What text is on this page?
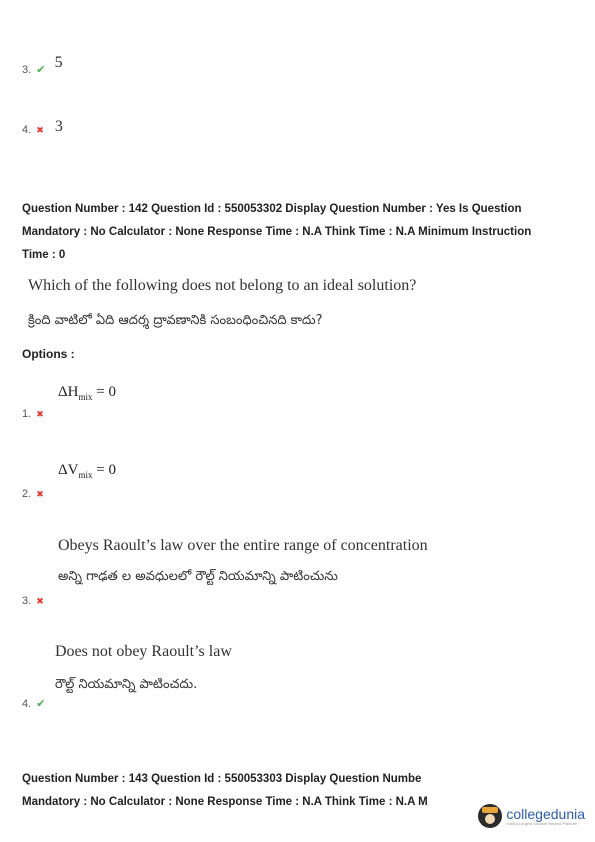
3. ✔ 5
4. ✖ 3
Question Number : 142 Question Id : 550053302 Display Question Number : Yes Is Question
Mandatory : No Calculator : None Response Time : N.A Think Time : N.A Minimum Instruction
Time : 0
Which of the following does not belong to an ideal solution?
క్రింది వాటిలో ఏది ఆదర్శ ద్రావణానికి సంబంధించినది కాదు?
Options :
$\Delta H_{mix} = 0$
1. ✖
$\Delta V_{mix} = 0$
2. ✖
Obeys Raoult’s law over the entire range of concentration
అన్ని గాఢత ల అవధులలో రౌల్ట్ నియమాన్ని పాటించును
3. ✖
Does not obey Raoult’s law
రౌల్ట్ నియమాన్ని పాటించదు.
4. ✔
Question Number : 143 Question Id : 550053303 Display Question Numbe
Mandatory : No Calculator : None Response Time : N.A Think Time : N.A M
collegedunia
India's Largest Student Review Platform
